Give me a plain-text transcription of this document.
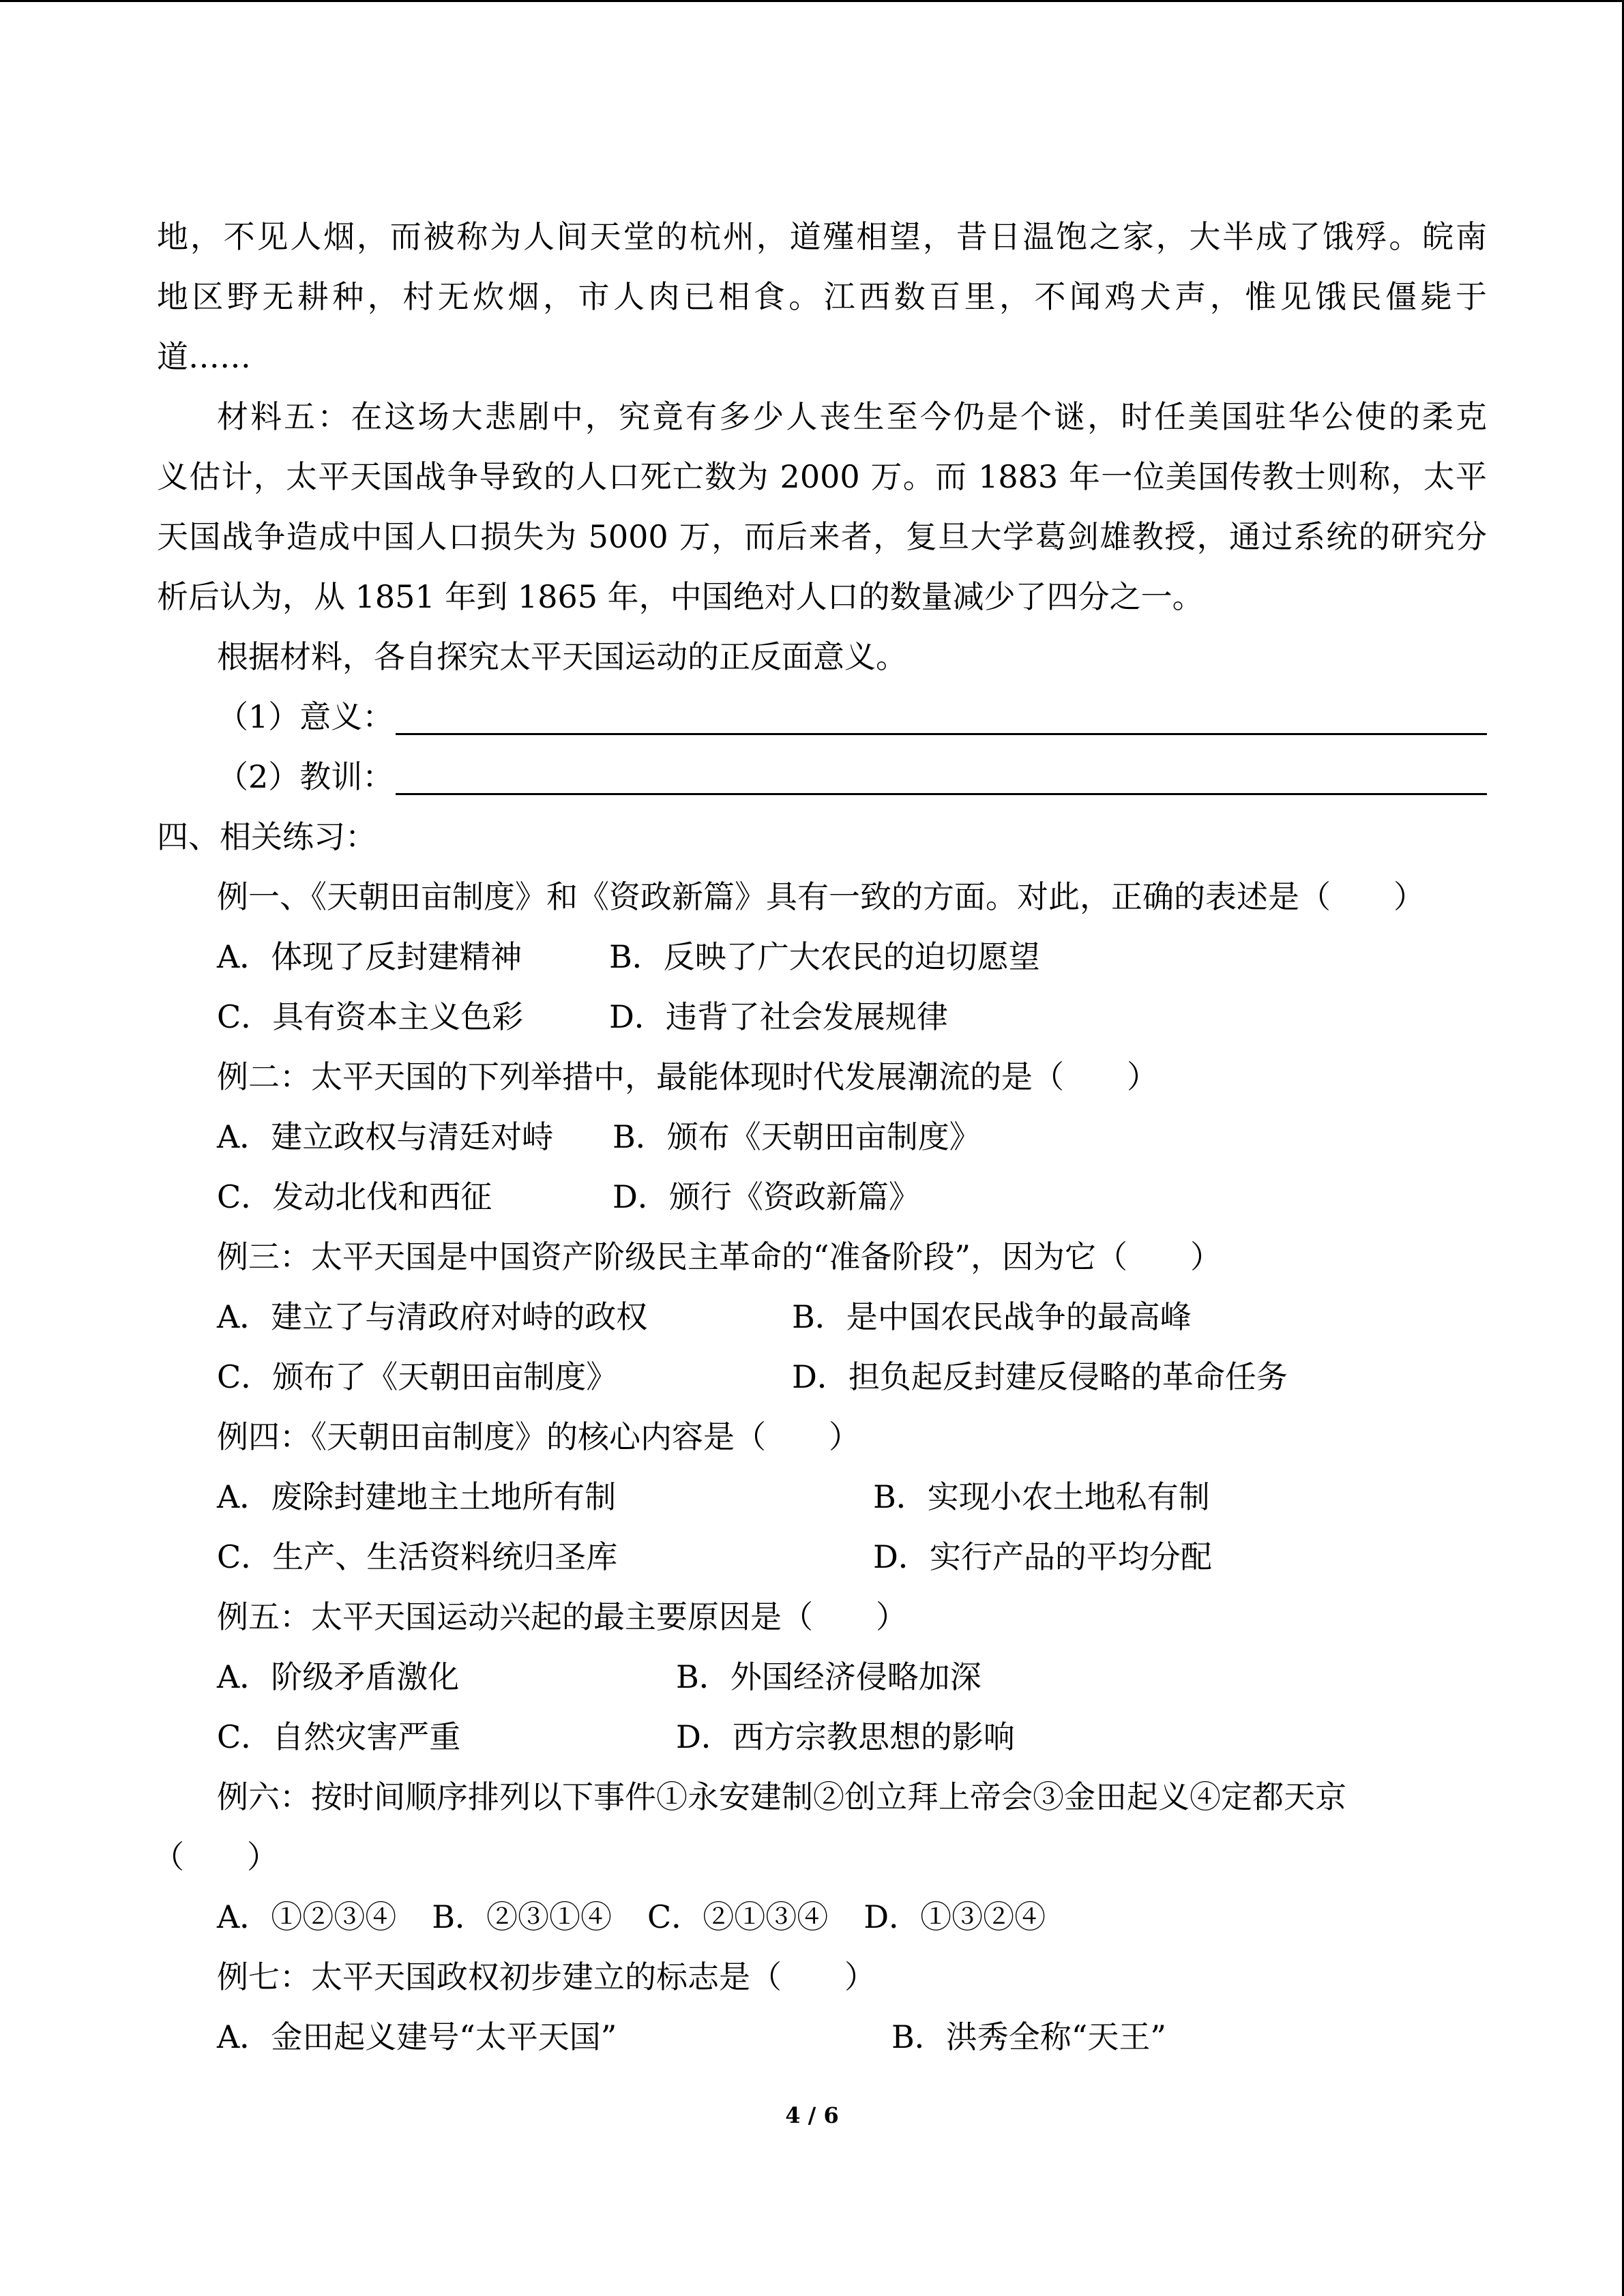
地，不见人烟，而被称为人间天堂的杭州，道殣相望，昔日温饱之家，大半成了饿殍。皖南
地区野无耕种，村无炊烟，市人肉已相食。江西数百里，不闻鸡犬声，惟见饿民僵毙于
道……
材料五：在这场大悲剧中，究竟有多少人丧生至今仍是个谜，时任美国驻华公使的柔克
义估计，太平天国战争导致的人口死亡数为 2000 万。而 1883 年一位美国传教士则称，太平
天国战争造成中国人口损失为 5000 万，而后来者，复旦大学葛剑雄教授，通过系统的研究分
析后认为，从 1851 年到 1865 年，中国绝对人口的数量减少了四分之一。
根据材料，各自探究太平天国运动的正反面意义。
（1）意义：
（2）教训：
四、相关练习：
例一、《天朝田亩制度》和《资政新篇》具有一致的方面。对此，正确的表述是（　　）
A．体现了反封建精神	B．反映了广大农民的迫切愿望
C．具有资本主义色彩	D．违背了社会发展规律
例二：太平天国的下列举措中，最能体现时代发展潮流的是（　　）
A．建立政权与清廷对峙 B．颁布《天朝田亩制度》
C．发动北伐和西征	D．颁行《资政新篇》
例三：太平天国是中国资产阶级民主革命的“准备阶段”，因为它（　　）
A．建立了与清政府对峙的政权	B．是中国农民战争的最高峰
C．颁布了《天朝田亩制度》	D．担负起反封建反侵略的革命任务
例四：《天朝田亩制度》的核心内容是（　　）
A．废除封建地主土地所有制	B．实现小农土地私有制
C．生产、生活资料统归圣库	D．实行产品的平均分配
例五：太平天国运动兴起的最主要原因是（　　）
A．阶级矛盾激化	B．外国经济侵略加深
C．自然灾害严重	D．西方宗教思想的影响
例六：按时间顺序排列以下事件①永安建制②创立拜上帝会③金田起义④定都天京
（　　）
A．①②③④ B．②③①④ C．②①③④ D．①③②④
例七：太平天国政权初步建立的标志是（　　）
A．金田起义建号“太平天国”	B．洪秀全称“天王”
4 / 6
